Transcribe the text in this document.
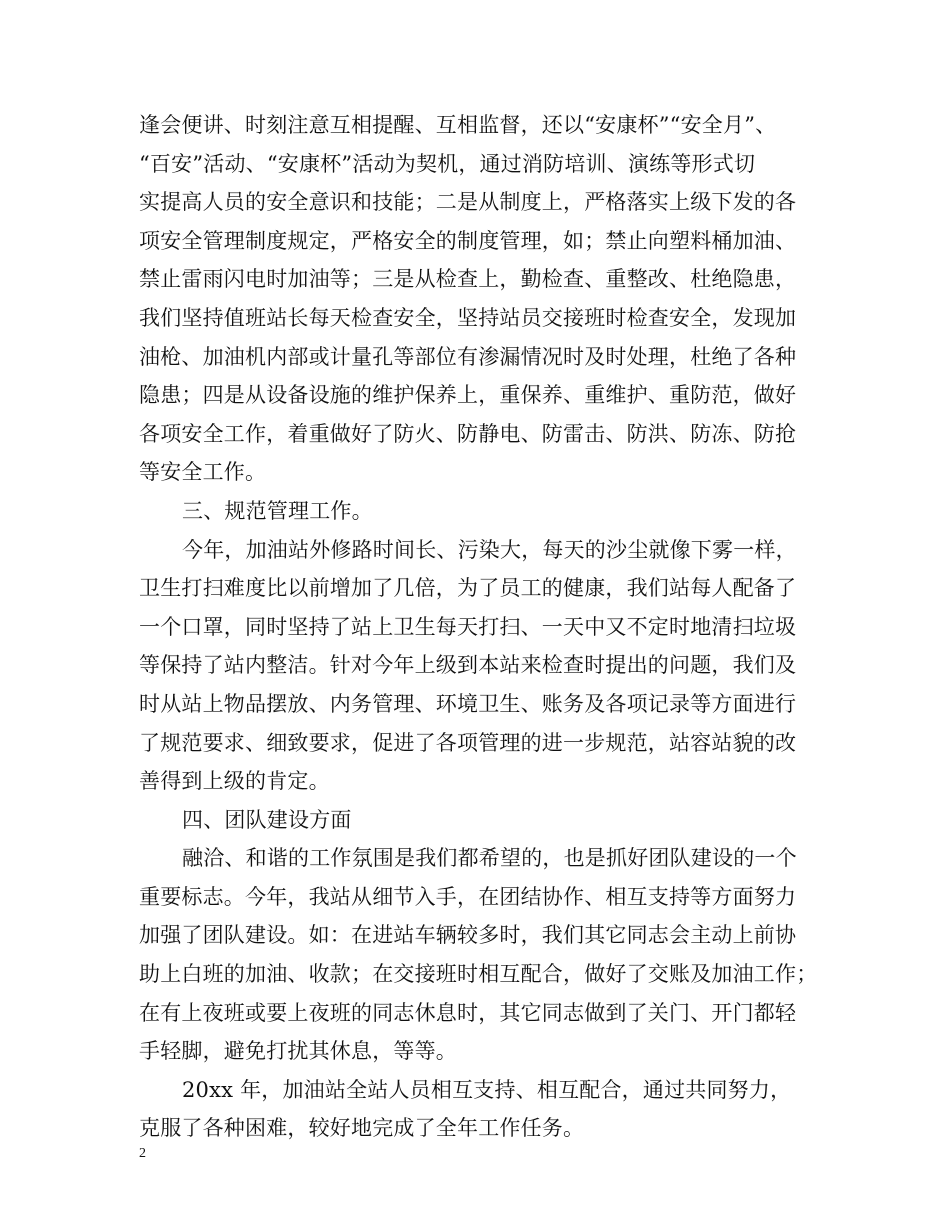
逢会便讲、时刻注意互相提醒、互相监督，还以“安康杯”“安全月”、
“百安”活动、“安康杯”活动为契机，通过消防培训、演练等形式切
实提高人员的安全意识和技能；二是从制度上，严格落实上级下发的各
项安全管理制度规定，严格安全的制度管理，如；禁止向塑料桶加油、
禁止雷雨闪电时加油等；三是从检查上，勤检查、重整改、杜绝隐患，
我们坚持值班站长每天检查安全，坚持站员交接班时检查安全，发现加
油枪、加油机内部或计量孔等部位有渗漏情况时及时处理，杜绝了各种
隐患；四是从设备设施的维护保养上，重保养、重维护、重防范，做好
各项安全工作，着重做好了防火、防静电、防雷击、防洪、防冻、防抢
等安全工作。
三、规范管理工作。
今年，加油站外修路时间长、污染大，每天的沙尘就像下雾一样，
卫生打扫难度比以前增加了几倍，为了员工的健康，我们站每人配备了
一个口罩，同时坚持了站上卫生每天打扫、一天中又不定时地清扫垃圾
等保持了站内整洁。针对今年上级到本站来检查时提出的问题，我们及
时从站上物品摆放、内务管理、环境卫生、账务及各项记录等方面进行
了规范要求、细致要求，促进了各项管理的进一步规范，站容站貌的改
善得到上级的肯定。
四、团队建设方面
融洽、和谐的工作氛围是我们都希望的，也是抓好团队建设的一个
重要标志。今年，我站从细节入手，在团结协作、相互支持等方面努力
加强了团队建设。如：在进站车辆较多时，我们其它同志会主动上前协
助上白班的加油、收款；在交接班时相互配合，做好了交账及加油工作；
在有上夜班或要上夜班的同志休息时，其它同志做到了关门、开门都轻
手轻脚，避免打扰其休息，等等。
20xx 年，加油站全站人员相互支持、相互配合，通过共同努力，
克服了各种困难，较好地完成了全年工作任务。
2
